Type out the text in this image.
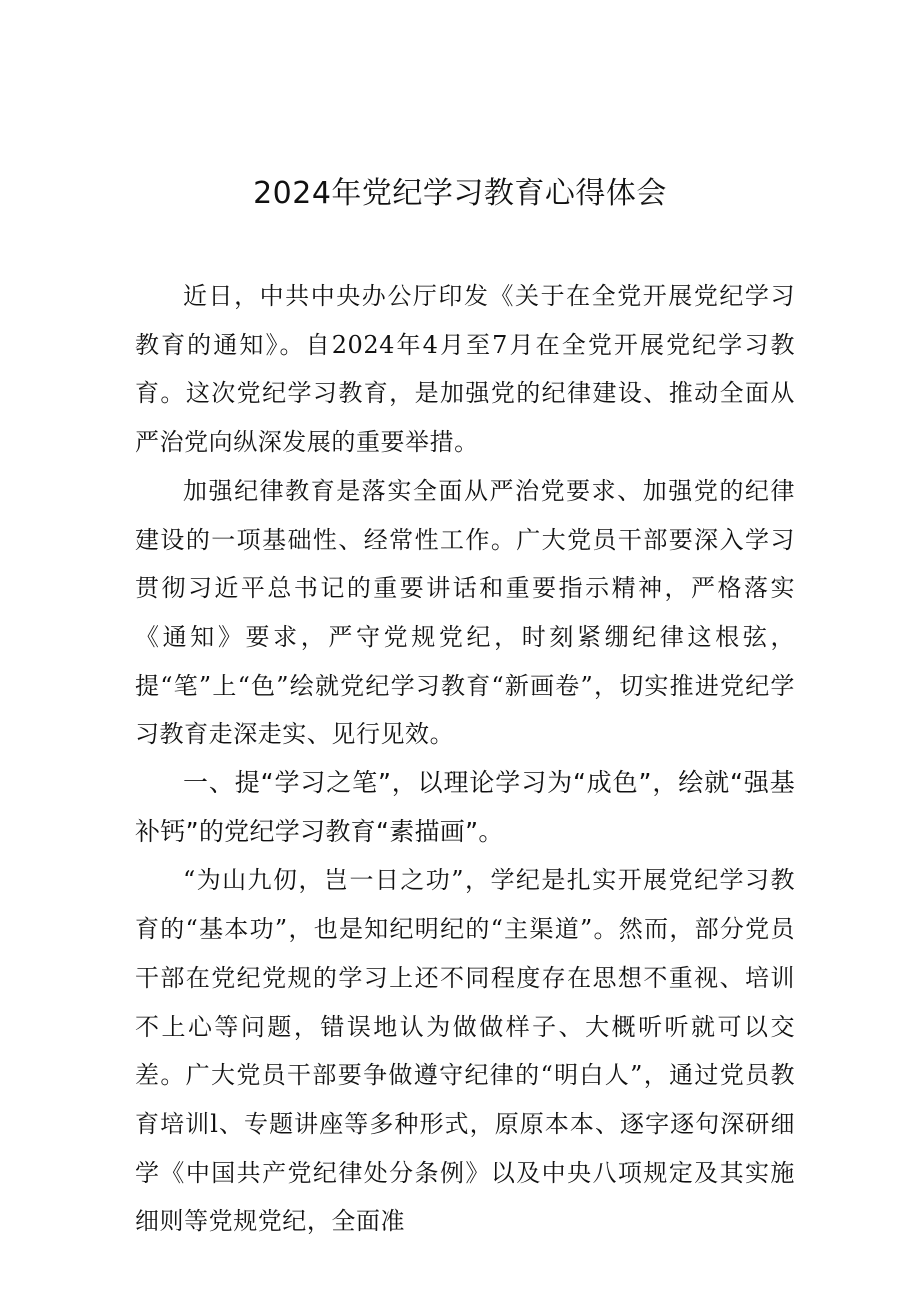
2024年党纪学习教育心得体会

近日，中共中央办公厅印发《关于在全党开展党纪学习教育的通知》。自2024年4月至7月在全党开展党纪学习教育。这次党纪学习教育，是加强党的纪律建设、推动全面从严治党向纵深发展的重要举措。

加强纪律教育是落实全面从严治党要求、加强党的纪律建设的一项基础性、经常性工作。广大党员干部要深入学习贯彻习近平总书记的重要讲话和重要指示精神，严格落实《通知》要求，严守党规党纪，时刻紧绷纪律这根弦，提“笔”上“色”绘就党纪学习教育“新画卷”，切实推进党纪学习教育走深走实、见行见效。

一、提“学习之笔”，以理论学习为“成色”，绘就“强基补钙”的党纪学习教育“素描画”。

“为山九仞，岂一日之功”，学纪是扎实开展党纪学习教育的“基本功”，也是知纪明纪的“主渠道”。然而，部分党员干部在党纪党规的学习上还不同程度存在思想不重视、培训不上心等问题，错误地认为做做样子、大概听听就可以交差。广大党员干部要争做遵守纪律的“明白人”，通过党员教育培训l、专题讲座等多种形式，原原本本、逐字逐句深研细学《中国共产党纪律处分条例》以及中央八项规定及其实施细则等党规党纪，全面准
